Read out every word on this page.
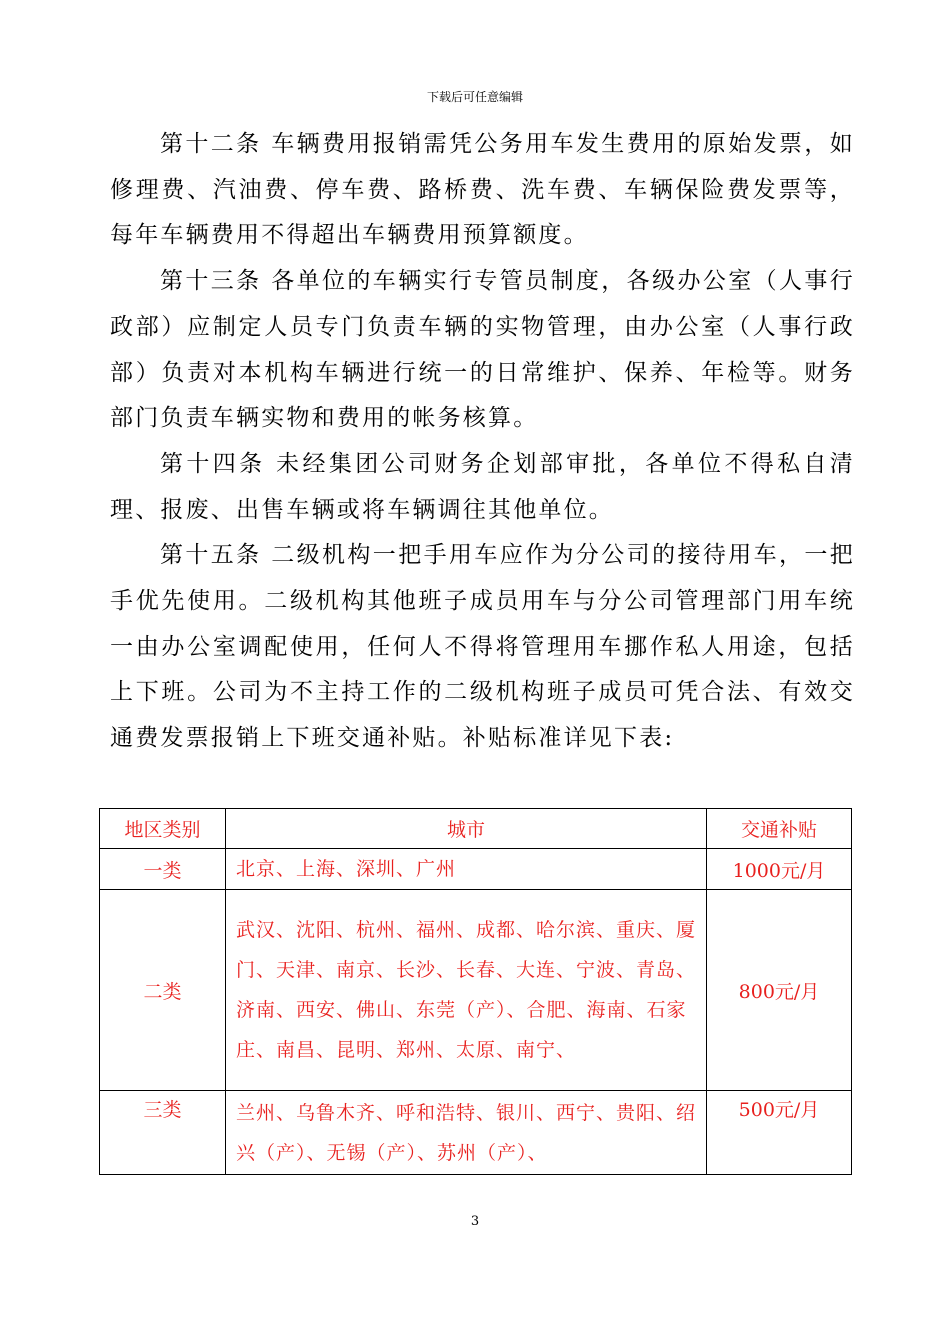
下载后可任意编辑

第十二条 车辆费用报销需凭公务用车发生费用的原始发票，如修理费、汽油费、停车费、路桥费、洗车费、车辆保险费发票等，每年车辆费用不得超出车辆费用预算额度。

第十三条 各单位的车辆实行专管员制度，各级办公室（人事行政部）应制定人员专门负责车辆的实物管理，由办公室（人事行政部）负责对本机构车辆进行统一的日常维护、保养、年检等。财务部门负责车辆实物和费用的帐务核算。

第十四条 未经集团公司财务企划部审批，各单位不得私自清理、报废、出售车辆或将车辆调往其他单位。

第十五条 二级机构一把手用车应作为分公司的接待用车，一把手优先使用。二级机构其他班子成员用车与分公司管理部门用车统一由办公室调配使用，任何人不得将管理用车挪作私人用途，包括上下班。公司为不主持工作的二级机构班子成员可凭合法、有效交通费发票报销上下班交通补贴。补贴标准详见下表:

地区类别	城市	交通补贴
一类	北京、上海、深圳、广州	1000元/月
二类	武汉、沈阳、杭州、福州、成都、哈尔滨、重庆、厦门、天津、南京、长沙、长春、大连、宁波、青岛、济南、西安、佛山、东莞（产）、合肥、海南、石家庄、南昌、昆明、郑州、太原、南宁、	800元/月
三类	兰州、乌鲁木齐、呼和浩特、银川、西宁、贵阳、绍兴（产）、无锡（产）、苏州（产）、	500元/月
3
